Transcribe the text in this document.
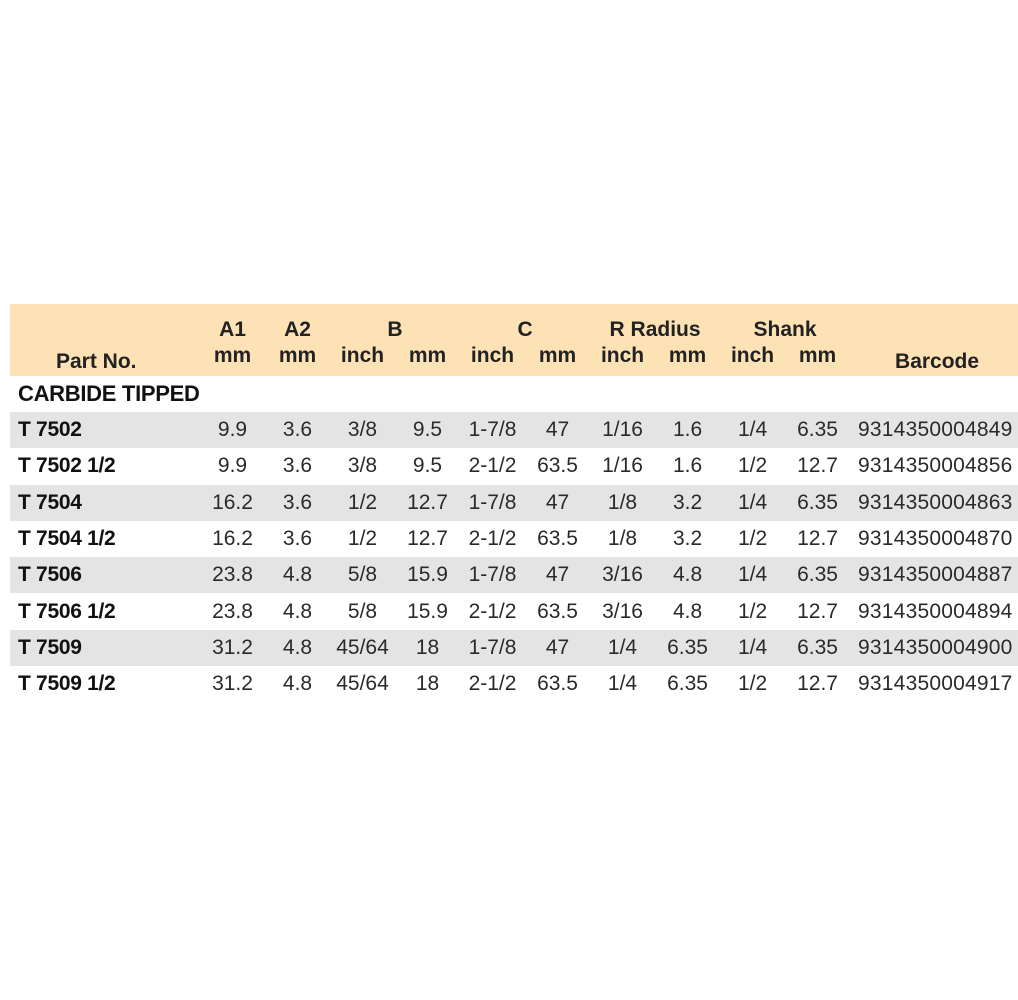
Part No.	A1	A2	B		C		R Radius		Shank		Barcode
	mm	mm	inch	mm	inch	mm	inch	mm	inch	mm	
CARBIDE TIPPED											
T 7502	9.9	3.6	3/8	9.5	1-7/8	47	1/16	1.6	1/4	6.35	9314350004849
T 7502 1/2	9.9	3.6	3/8	9.5	2-1/2	63.5	1/16	1.6	1/2	12.7	9314350004856
T 7504	16.2	3.6	1/2	12.7	1-7/8	47	1/8	3.2	1/4	6.35	9314350004863
T 7504 1/2	16.2	3.6	1/2	12.7	2-1/2	63.5	1/8	3.2	1/2	12.7	9314350004870
T 7506	23.8	4.8	5/8	15.9	1-7/8	47	3/16	4.8	1/4	6.35	9314350004887
T 7506 1/2	23.8	4.8	5/8	15.9	2-1/2	63.5	3/16	4.8	1/2	12.7	9314350004894
T 7509	31.2	4.8	45/64	18	1-7/8	47	1/4	6.35	1/4	6.35	9314350004900
T 7509 1/2	31.2	4.8	45/64	18	2-1/2	63.5	1/4	6.35	1/2	12.7	9314350004917
